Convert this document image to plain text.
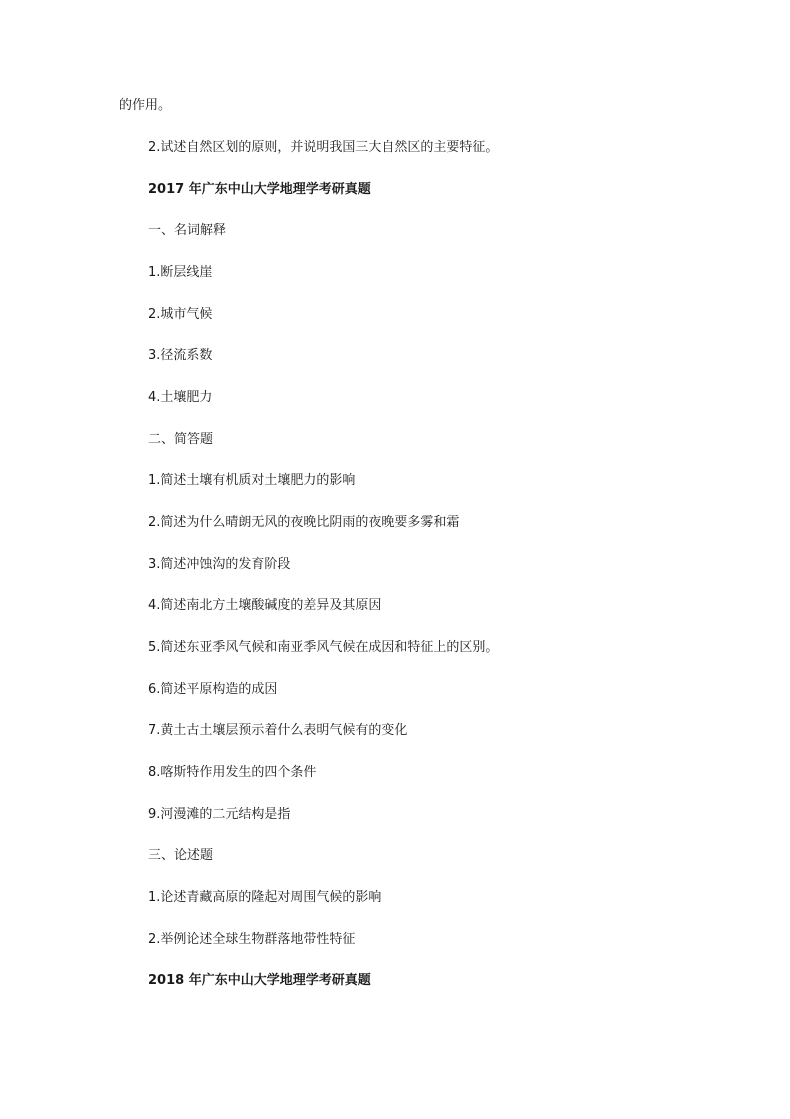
的作用。
2.试述自然区划的原则，并说明我国三大自然区的主要特征。
2017 年广东中山大学地理学考研真题
一、名词解释
1.断层线崖
2.城市气候
3.径流系数
4.土壤肥力
二、简答题
1.简述土壤有机质对土壤肥力的影响
2.简述为什么晴朗无风的夜晚比阴雨的夜晚要多雾和霜
3.简述冲蚀沟的发育阶段
4.简述南北方土壤酸碱度的差异及其原因
5.简述东亚季风气候和南亚季风气候在成因和特征上的区别。
6.简述平原构造的成因
7.黄土古土壤层预示着什么表明气候有的变化
8.喀斯特作用发生的四个条件
9.河漫滩的二元结构是指
三、论述题
1.论述青藏高原的隆起对周围气候的影响
2.举例论述全球生物群落地带性特征
2018 年广东中山大学地理学考研真题
